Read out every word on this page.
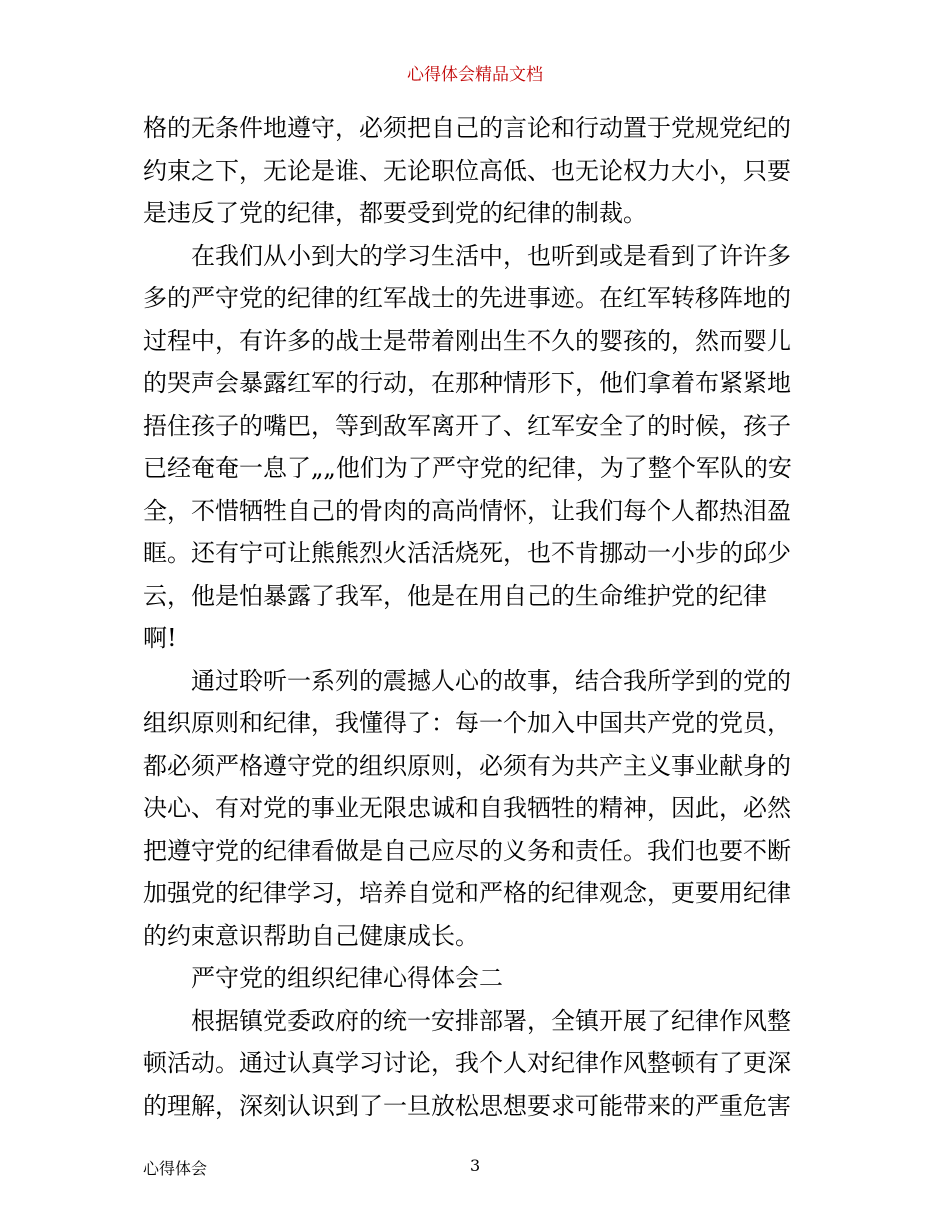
心得体会精品文档
格的无条件地遵守，必须把自己的言论和行动置于党规党纪的
约束之下，无论是谁、无论职位高低、也无论权力大小，只要
是违反了党的纪律，都要受到党的纪律的制裁。
　　在我们从小到大的学习生活中，也听到或是看到了许许多
多的严守党的纪律的红军战士的先进事迹。在红军转移阵地的
过程中，有许多的战士是带着刚出生不久的婴孩的，然而婴儿
的哭声会暴露红军的行动，在那种情形下，他们拿着布紧紧地
捂住孩子的嘴巴，等到敌军离开了、红军安全了的时候，孩子
已经奄奄一息了„„他们为了严守党的纪律，为了整个军队的安
全，不惜牺牲自己的骨肉的高尚情怀，让我们每个人都热泪盈
眶。还有宁可让熊熊烈火活活烧死，也不肯挪动一小步的邱少
云，他是怕暴露了我军，他是在用自己的生命维护党的纪律
啊!
　　通过聆听一系列的震撼人心的故事，结合我所学到的党的
组织原则和纪律，我懂得了：每一个加入中国共产党的党员，
都必须严格遵守党的组织原则，必须有为共产主义事业献身的
决心、有对党的事业无限忠诚和自我牺牲的精神，因此，必然
把遵守党的纪律看做是自己应尽的义务和责任。我们也要不断
加强党的纪律学习，培养自觉和严格的纪律观念，更要用纪律
的约束意识帮助自己健康成长。
　　严守党的组织纪律心得体会二
　　根据镇党委政府的统一安排部署，全镇开展了纪律作风整
顿活动。通过认真学习讨论，我个人对纪律作风整顿有了更深
的理解，深刻认识到了一旦放松思想要求可能带来的严重危害
心得体会	3
